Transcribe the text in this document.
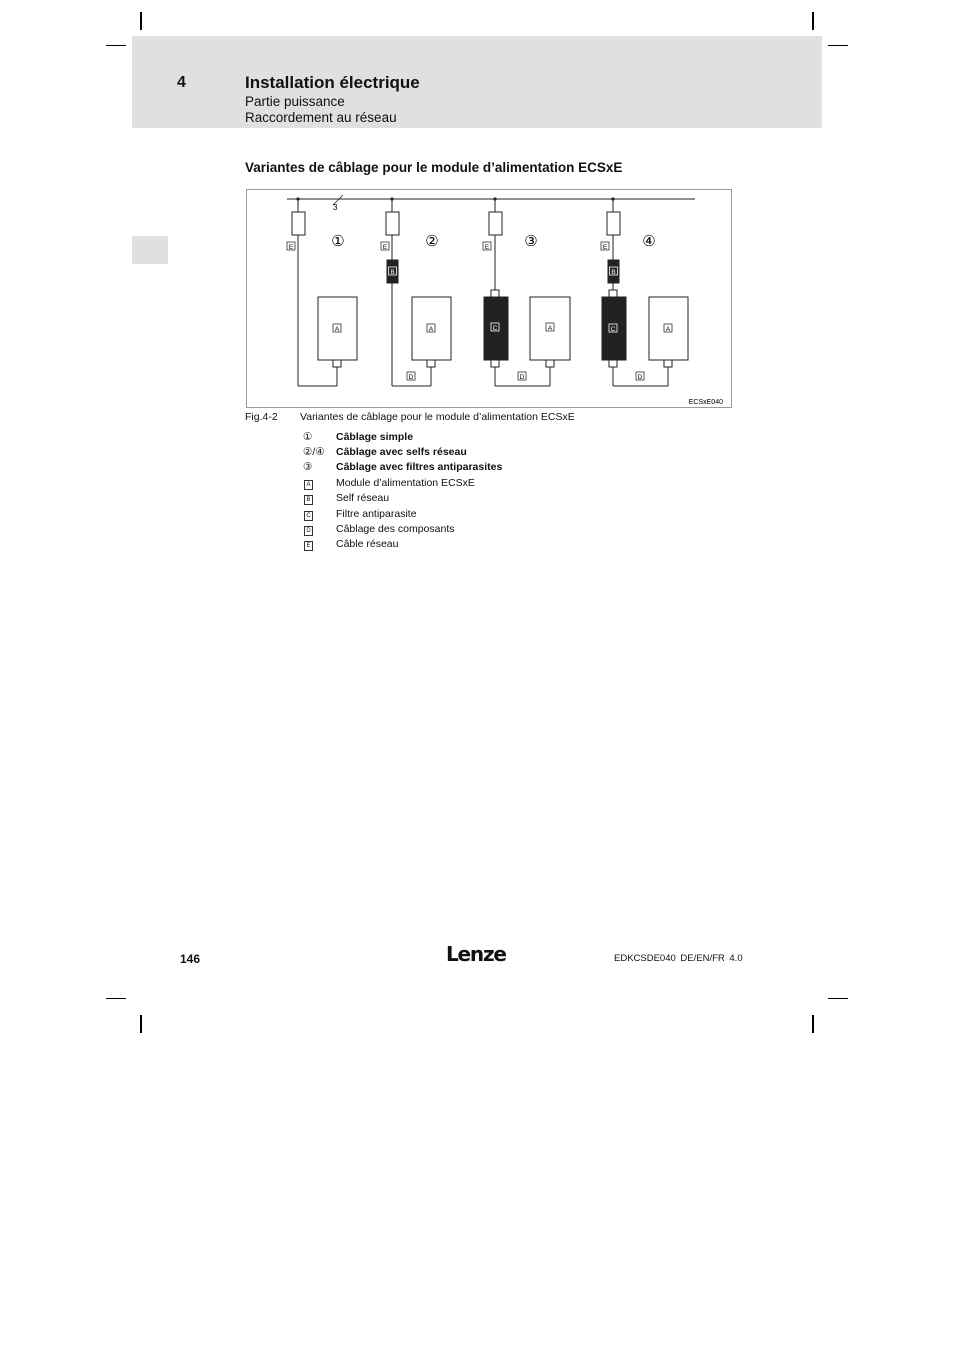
4	Installation électrique
Partie puissance
Raccordement au réseau
Variantes de câblage pour le module d’alimentation ECSxE
3
E	①
A
B
E	②
A
D
C
E ③
A
D
B
C
E ④
A
D
ECSxE040
Fig.4-2 Variantes de câblage pour le module d’alimentation ECSxE
①	Câblage simple
②/④	Câblage avec selfs réseau
③	Câblage avec filtres antiparasites
A	Module d’alimentation ECSxE
B	Self réseau
C	Filtre antiparasite
D	Câblage des composants
E	Câble réseau
146	Lenze	EDKCSDE040 DE/EN/FR 4.0
